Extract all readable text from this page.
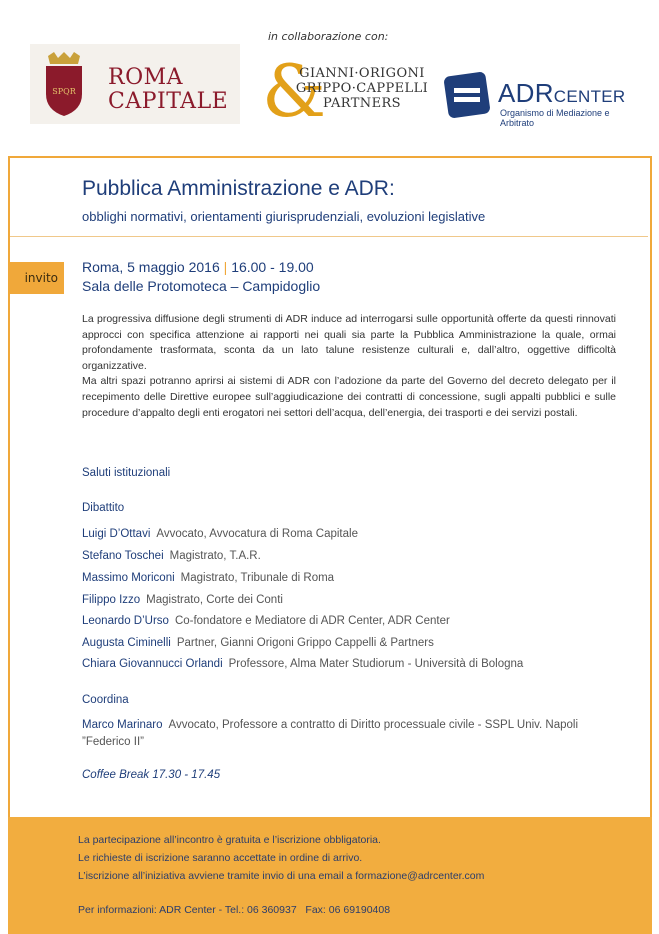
in collaborazione con:
SPQR
ROMA
CAPITALE &
GIANNI·ORIGONI
GRIPPO·CAPPELLI
PARTNERS	ADRCENTER
Organismo di Mediazione e Arbitrato
Pubblica Amministrazione e ADR:
obblighi normativi, orientamenti giurisprudenziali, evoluzioni legislative
invito
Roma, 5 maggio 2016 | 16.00 - 19.00
Sala delle Protomoteca – Campidoglio

La progressiva diffusione degli strumenti di ADR induce ad interrogarsi sulle opportunità offerte da questi rinnovati approcci con specifica attenzione ai rapporti nei quali sia parte la Pubblica Amministrazione la quale, ormai profondamente trasformata, sconta da un lato talune resistenze culturali e, dall’altro, oggettive difficoltà organizzative.

Ma altri spazi potranno aprirsi ai sistemi di ADR con l’adozione da parte del Governo del decreto delegato per il recepimento delle Direttive europee sull’aggiudicazione dei contratti di concessione, sugli appalti pubblici e sulle procedure d’appalto degli enti erogatori nei settori dell’acqua, dell’energia, dei trasporti e dei servizi postali.

Saluti istituzionali
Dibattito
Luigi D’Ottavi Avvocato, Avvocatura di Roma Capitale
Stefano Toschei Magistrato, T.A.R.
Massimo Moriconi Magistrato, Tribunale di Roma
Filippo Izzo Magistrato, Corte dei Conti
Leonardo D’Urso Co-fondatore e Mediatore di ADR Center, ADR Center
Augusta Ciminelli Partner, Gianni Origoni Grippo Cappelli & Partners
Chiara Giovannucci Orlandi Professore, Alma Mater Studiorum - Università di Bologna
Coordina
Marco Marinaro Avvocato, Professore a contratto di Diritto processuale civile - SSPL Univ. Napoli ”Federico II”
Coffee Break 17.30 - 17.45
La partecipazione all’incontro è gratuita e l’iscrizione obbligatoria.
Le richieste di iscrizione saranno accettate in ordine di arrivo.
L’iscrizione all’iniziativa avviene tramite invio di una email a formazione@adrcenter.com
Per informazioni: ADR Center - Tel.: 06 360937   Fax: 06 69190408
